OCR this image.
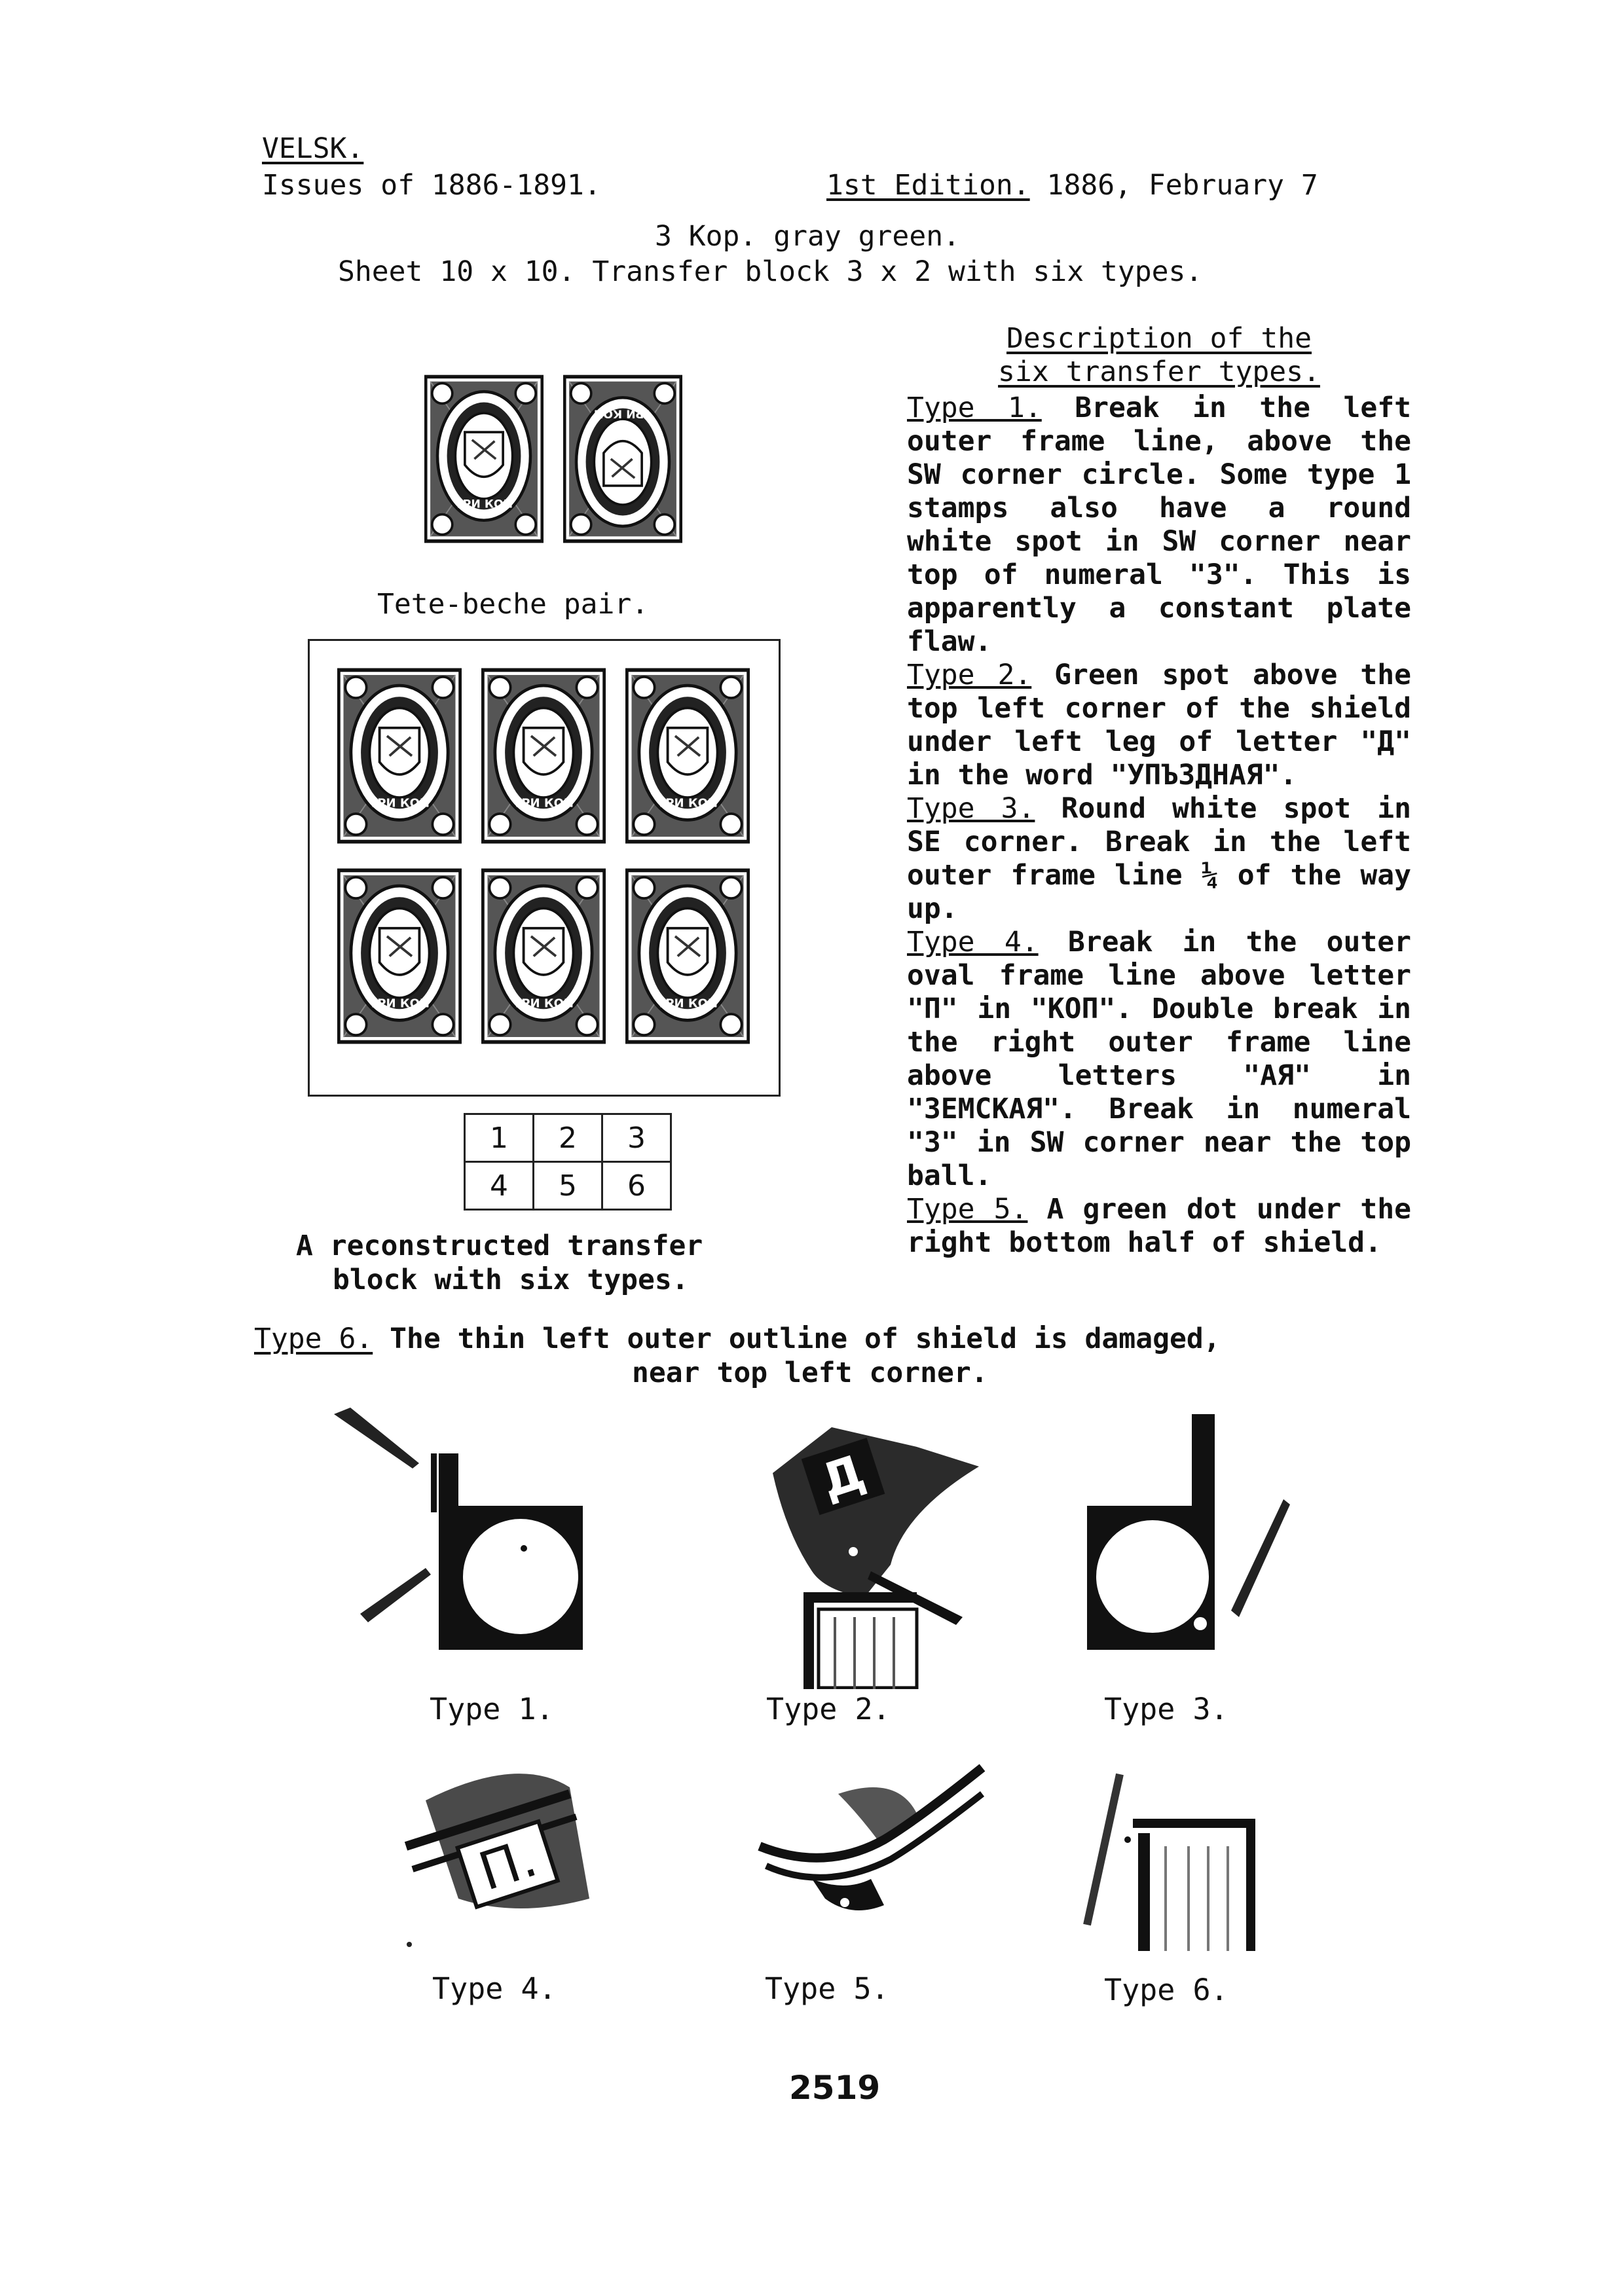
VELSK.
Issues of 1886-1891.	1st Edition. 1886, February 7
3 Kop. gray green.
Sheet 10 x 10. Transfer block 3 x 2 with six types.
ТРИ КОП
ТРИ КОП
Tete-beche pair.
ТРИ КОП	ТРИ КОП	ТРИ КОП
ТРИ КОП	ТРИ КОП	ТРИ КОП
1	2	3
4	5	6
A reconstructed transfer
block with six types.
Description of the
six transfer types.
Type 1. Break in the left outer frame line, above the SW corner circle. Some type 1 stamps also have a round white spot in SW corner near top of numeral "3". This is apparently a constant plate flaw.
Type 2. Green spot above the top left corner of the shield under left leg of letter "Д" in the word "УПЪЗДНАЯ".
Type 3. Round white spot in SE corner. Break in the left outer frame line ¼ of the way up.
Type 4. Break in the outer oval frame line above letter "П" in "КОП". Double break in the right outer frame line above letters "АЯ" in "ЗЕМСКАЯ". Break in numeral "3" in SW corner near the top ball.
Type 5. A green dot under the right bottom half of shield.
Type 6. The thin left outer outline of shield is damaged,
near top left corner.
Д
П.
Type 1.	Type 2.	Type 3.
Type 4.	Type 5.	Type 6.
2519
